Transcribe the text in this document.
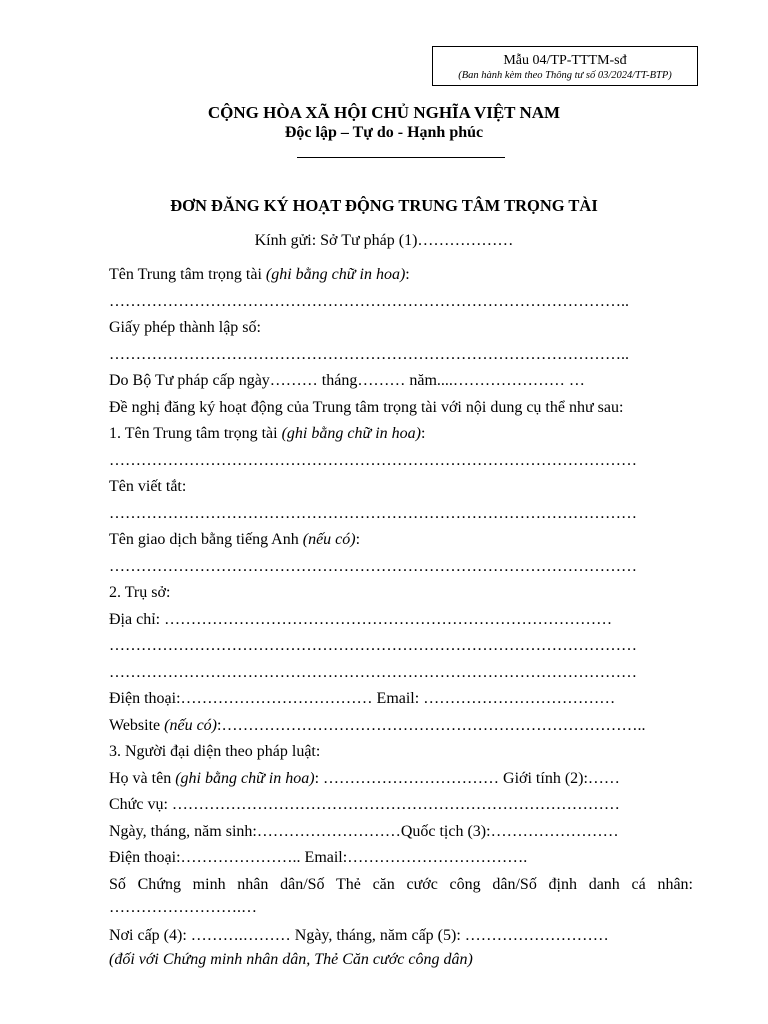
Mẫu 04/TP-TTTM-sđ
(Ban hành kèm theo Thông tư số 03/2024/TT-BTP)
CỘNG HÒA XÃ HỘI CHỦ NGHĨA VIỆT NAM
Độc lập – Tự do - Hạnh phúc
ĐƠN ĐĂNG KÝ HOẠT ĐỘNG TRUNG TÂM TRỌNG TÀI
Kính gửi: Sở Tư pháp (1)………………

Tên Trung tâm trọng tài (ghi bằng chữ in hoa):

……………………………………………………………………………………..

Giấy phép thành lập số:

……………………………………………………………………………………..

Do Bộ Tư pháp cấp ngày……… tháng……… năm....………………… …

Đề nghị đăng ký hoạt động của Trung tâm trọng tài với nội dung cụ thể như sau:

1. Tên Trung tâm trọng tài (ghi bằng chữ in hoa):

………………………………………………………………………………………

Tên viết tắt:

………………………………………………………………………………………

Tên giao dịch bằng tiếng Anh (nếu có):

………………………………………………………………………………………

2. Trụ sở:

Địa chỉ: …………………………………………………………………………

………………………………………………………………………………………

………………………………………………………………………………………

Điện thoại:……………………………… Email: ………………………………

Website (nếu có):……………………………………………………………………..

3. Người đại diện theo pháp luật:

Họ và tên (ghi bằng chữ in hoa): …………………………… Giới tính (2):……

Chức vụ: …………………………………………………………………………

Ngày, tháng, năm sinh:………………………Quốc tịch (3):……………………

Điện thoại:………………….. Email:…………………………….

Số Chứng minh nhân dân/Số Thẻ căn cước công dân/Số định danh cá nhân:

…………………….…

Nơi cấp (4): ……….……… Ngày, tháng, năm cấp (5): ………………………

(đối với Chứng minh nhân dân, Thẻ Căn cước công dân)
